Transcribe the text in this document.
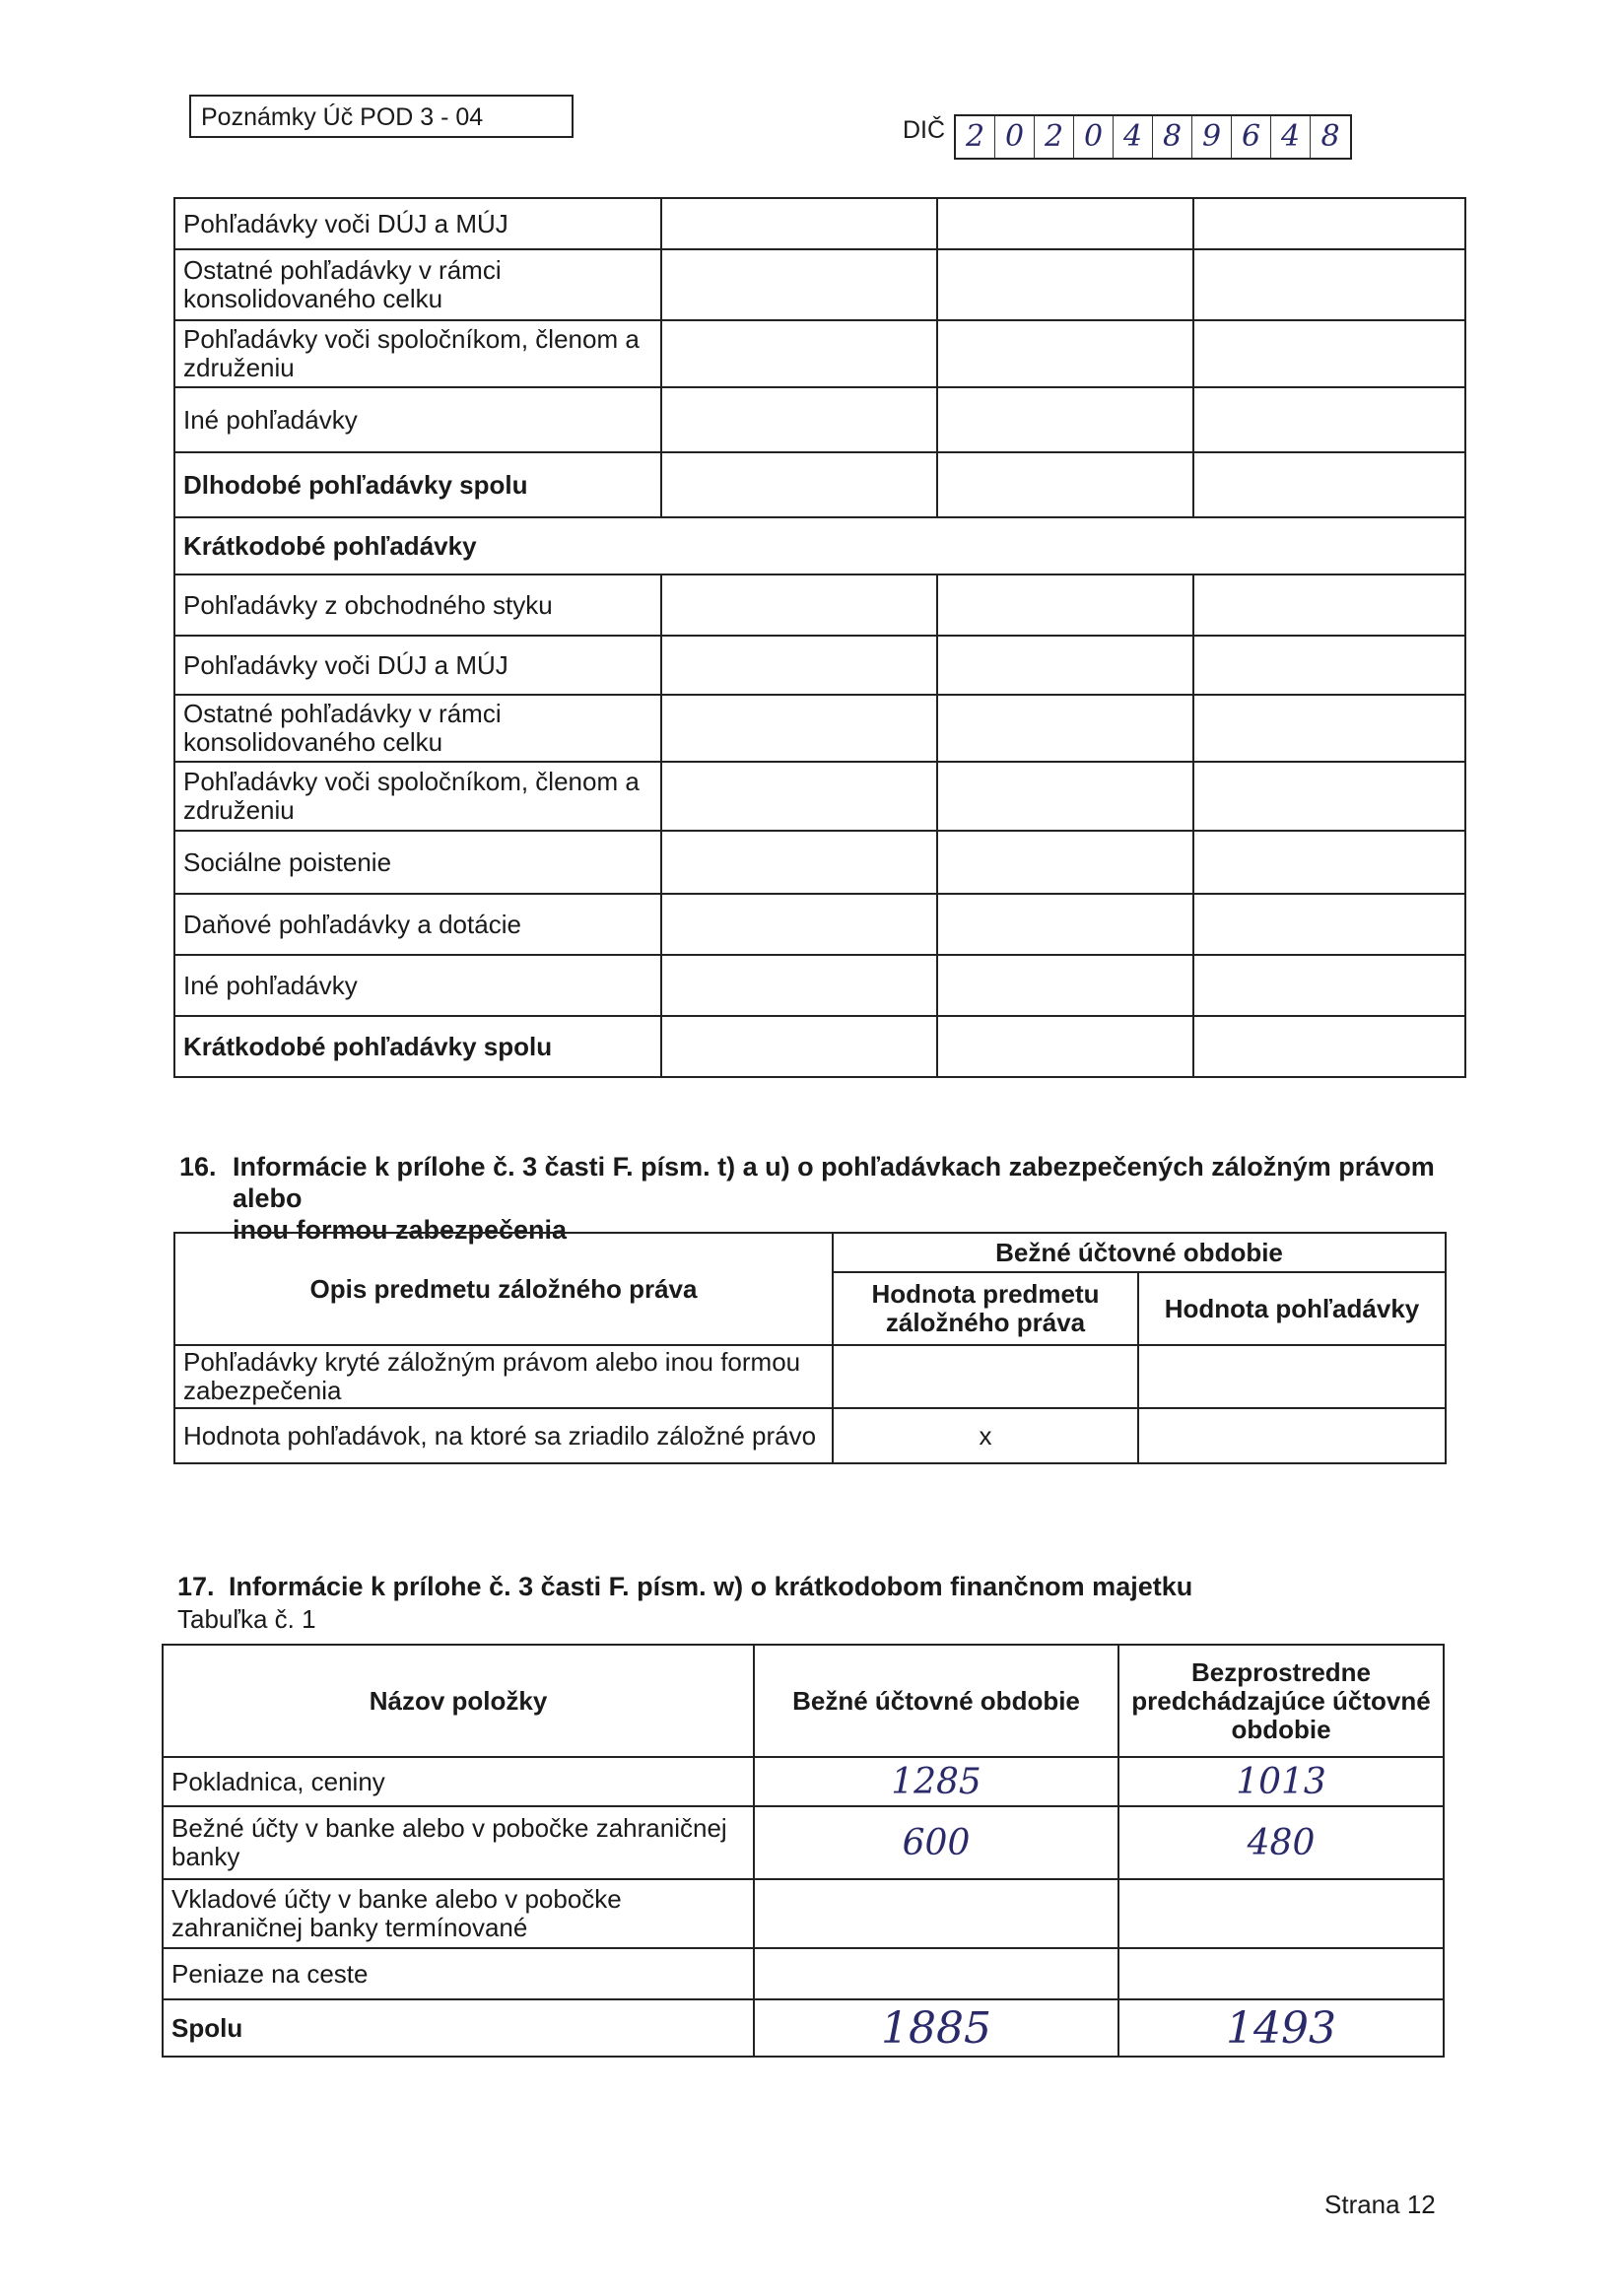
Poznámky Úč POD 3 - 04	DIČ 2 0 2 0 4 8 9 6 4 8
Pohľadávky voči DÚJ a MÚJ			
Ostatné pohľadávky v rámci konsolidovaného celku			
Pohľadávky voči spoločníkom, členom a združeniu			
Iné pohľadávky			
Dlhodobé pohľadávky spolu			
Krátkodobé pohľadávky			
Pohľadávky z obchodného styku			
Pohľadávky voči DÚJ a MÚJ			
Ostatné pohľadávky v rámci konsolidovaného celku			
Pohľadávky voči spoločníkom, členom a združeniu			
Sociálne poistenie			
Daňové pohľadávky a dotácie			
Iné pohľadávky			
Krátkodobé pohľadávky spolu			
16. Informácie k prílohe č. 3 časti F. písm. t) a u) o pohľadávkach zabezpečených záložným právom alebo
inou formou zabezpečenia
Opis predmetu záložného práva	Bežné účtovné obdobie	
	Hodnota predmetu záložného práva	Hodnota pohľadávky
Pohľadávky kryté záložným právom alebo inou formou zabezpečenia		
Hodnota pohľadávok, na ktoré sa zriadilo záložné právo	x	
17. Informácie k prílohe č. 3 časti F. písm. w) o krátkodobom finančnom majetku
Tabuľka č. 1
Názov položky	Bežné účtovné obdobie	Bezprostredne predchádzajúce účtovné obdobie
Pokladnica, ceniny	1285	1013
Bežné účty v banke alebo v pobočke zahraničnej banky	600	480
Vkladové účty v banke alebo v pobočke zahraničnej banky termínované		
Peniaze na ceste		
Spolu	1885	1493
Strana 12
